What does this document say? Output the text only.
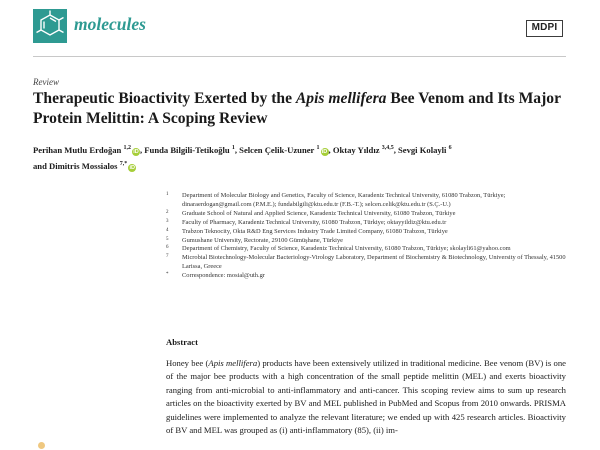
molecules	MDPI
Review
Therapeutic Bioactivity Exerted by the Apis mellifera Bee Venom and Its Major Protein Melittin: A Scoping Review
Perihan Mutlu Erdoğan $^{1,2}$iD, Funda Bilgili-Tetikoğlu $^1$, Selcen Çelik-Uzuner $^1$iD, Oktay Yıldız $^{3,4,5}$, Sevgi Kolayli $^6$
and Dimitris Mossialos $^{7,*}$iD
1 Department of Molecular Biology and Genetics, Faculty of Science, Karadeniz Technical University, 61080 Trabzon, Türkiye; dinaraerdogan@gmail.com (P.M.E.); fundabilgili@ktu.edu.tr (F.B.-T.); selcen.celik@ktu.edu.tr (S.Ç.-U.)
2 Graduate School of Natural and Applied Science, Karadeniz Technical University, 61080 Trabzon, Türkiye
3 Faculty of Pharmacy, Karadeniz Technical University, 61080 Trabzon, Türkiye; oktayyildiz@ktu.edu.tr
4 Trabzon Teknocity, Okta R&D Eng Services Industry Trade Limited Company, 61080 Trabzon, Türkiye
5 Gumushane University, Rectorate, 29100 Gümüşhane, Türkiye
6 Department of Chemistry, Faculty of Science, Karadeniz Technical University, 61080 Trabzon, Türkiye; skolayli61@yahoo.com
7 Microbial Biotechnology-Molecular Bacteriology-Virology Laboratory, Department of Biochemistry & Biotechnology, University of Thessaly, 41500 Larissa, Greece
* Correspondence: mosial@uth.gr
Abstract

Honey bee (Apis mellifera) products have been extensively utilized in traditional medicine. Bee venom (BV) is one of the major bee products with a high concentration of the small peptide melittin (MEL) and exerts bioactivity ranging from anti-microbial to anti-inflammatory and anti-cancer. This scoping review aims to sum up research articles on the bioactivity exerted by BV and MEL published in PubMed and Scopus from 2010 onwards. PRISMA guidelines were implemented to analyze the relevant literature; we ended up with 425 research articles. Bioactivity of BV and MEL was grouped as (i) anti-inflammatory (85), (ii) im-
